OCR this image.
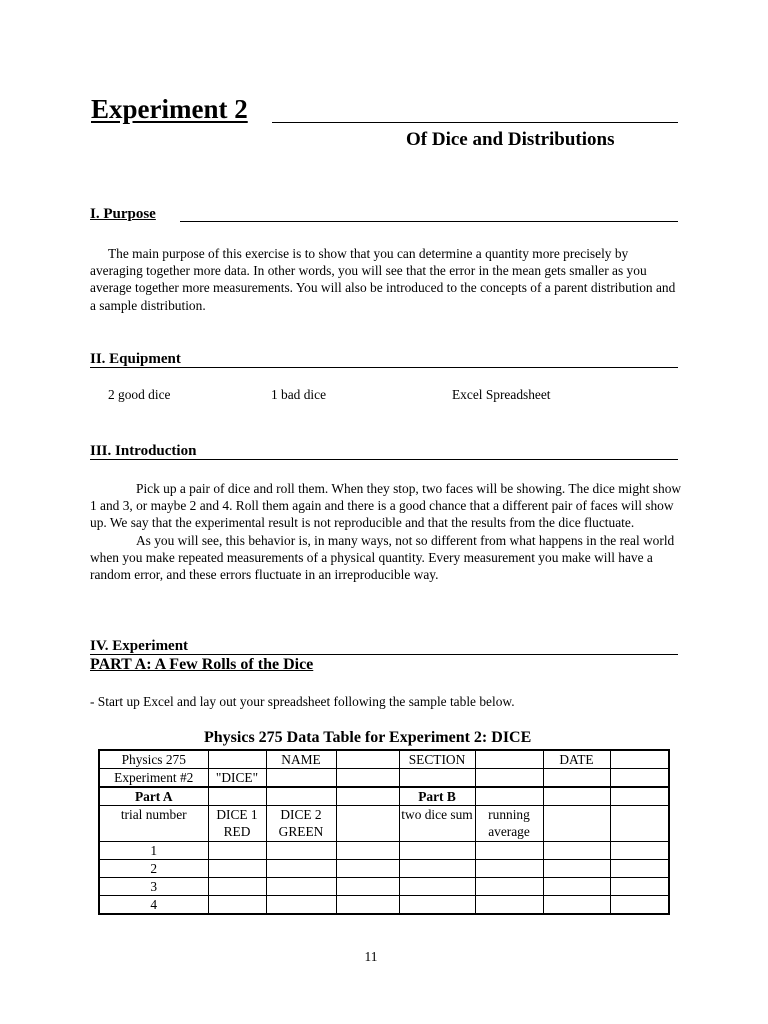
Experiment 2
Of Dice and Distributions
I. Purpose

The main purpose of this exercise is to show that you can determine a quantity more precisely by averaging together more data. In other words, you will see that the error in the mean gets smaller as you average together more measurements. You will also be introduced to the concepts of a parent distribution and a sample distribution.

II. Equipment
2 good dice	1 bad dice	Excel Spreadsheet
III. Introduction

Pick up a pair of dice and roll them. When they stop, two faces will be showing. The dice might show 1 and 3, or maybe 2 and 4. Roll them again and there is a good chance that a different pair of faces will show up. We say that the experimental result is not reproducible and that the results from the dice fluctuate.

As you will see, this behavior is, in many ways, not so different from what happens in the real world when you make repeated measurements of a physical quantity. Every measurement you make will have a random error, and these errors fluctuate in an irreproducible way.

IV. Experiment
PART A: A Few Rolls of the Dice
- Start up Excel and lay out your spreadsheet following the sample table below.
Physics 275 Data Table for Experiment 2: DICE
Physics 275		NAME		SECTION		DATE	
Experiment #2	"DICE"						
Part A				Part B			
trial number	DICE 1 RED	DICE 2 GREEN		two dice sum	running average		
1							
2							
3							
4							
11
